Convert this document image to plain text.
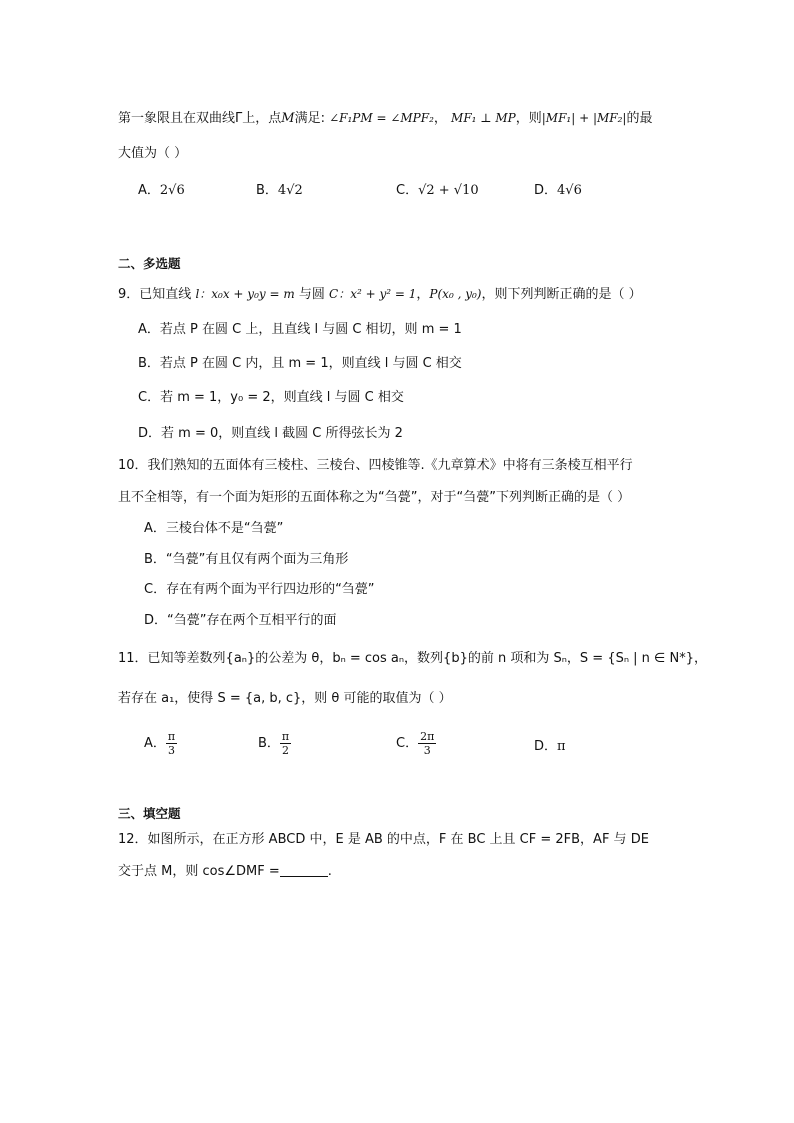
第一象限且在双曲线Γ上，点M满足: ∠F₁PM = ∠MPF₂， MF₁ ⊥ MP，则|MF₁| + |MF₂|的最
大值为（ ）
A．2√6	B．4√2	C．√2 + √10	D．4√6
二、多选题
9．已知直线 l：x₀x + y₀y = m 与圆 C：x² + y² = 1，P(x₀ , y₀)，则下列判断正确的是（ ）
A．若点 P 在圆 C 上，且直线 l 与圆 C 相切，则 m = 1
B．若点 P 在圆 C 内，且 m = 1，则直线 l 与圆 C 相交
C．若 m = 1，y₀ = 2，则直线 l 与圆 C 相交
D．若 m = 0，则直线 l 截圆 C 所得弦长为 2
10．我们熟知的五面体有三棱柱、三棱台、四棱锥等.《九章算术》中将有三条棱互相平行
且不全相等，有一个面为矩形的五面体称之为“刍甍”，对于“刍甍”下列判断正确的是（ ）
A．三棱台体不是“刍甍”
B．“刍甍”有且仅有两个面为三角形
C．存在有两个面为平行四边形的“刍甍”
D．“刍甍”存在两个互相平行的面
11．已知等差数列{aₙ}的公差为 θ，bₙ = cos aₙ，数列{b}的前 n 项和为 Sₙ，S = {Sₙ | n ∈ N*}，
若存在 a₁，使得 S = {a, b, c}，则 θ 可能的取值为（ ）
A． $\frac{\pi}{3}$	B． $\frac{\pi}{2}$	C． $\frac{2\pi}{3}$	D．π
三、填空题
12．如图所示，在正方形 ABCD 中，E 是 AB 的中点，F 在 BC 上且 CF = 2FB，AF 与 DE
交于点 M，则 cos∠DMF =	.
